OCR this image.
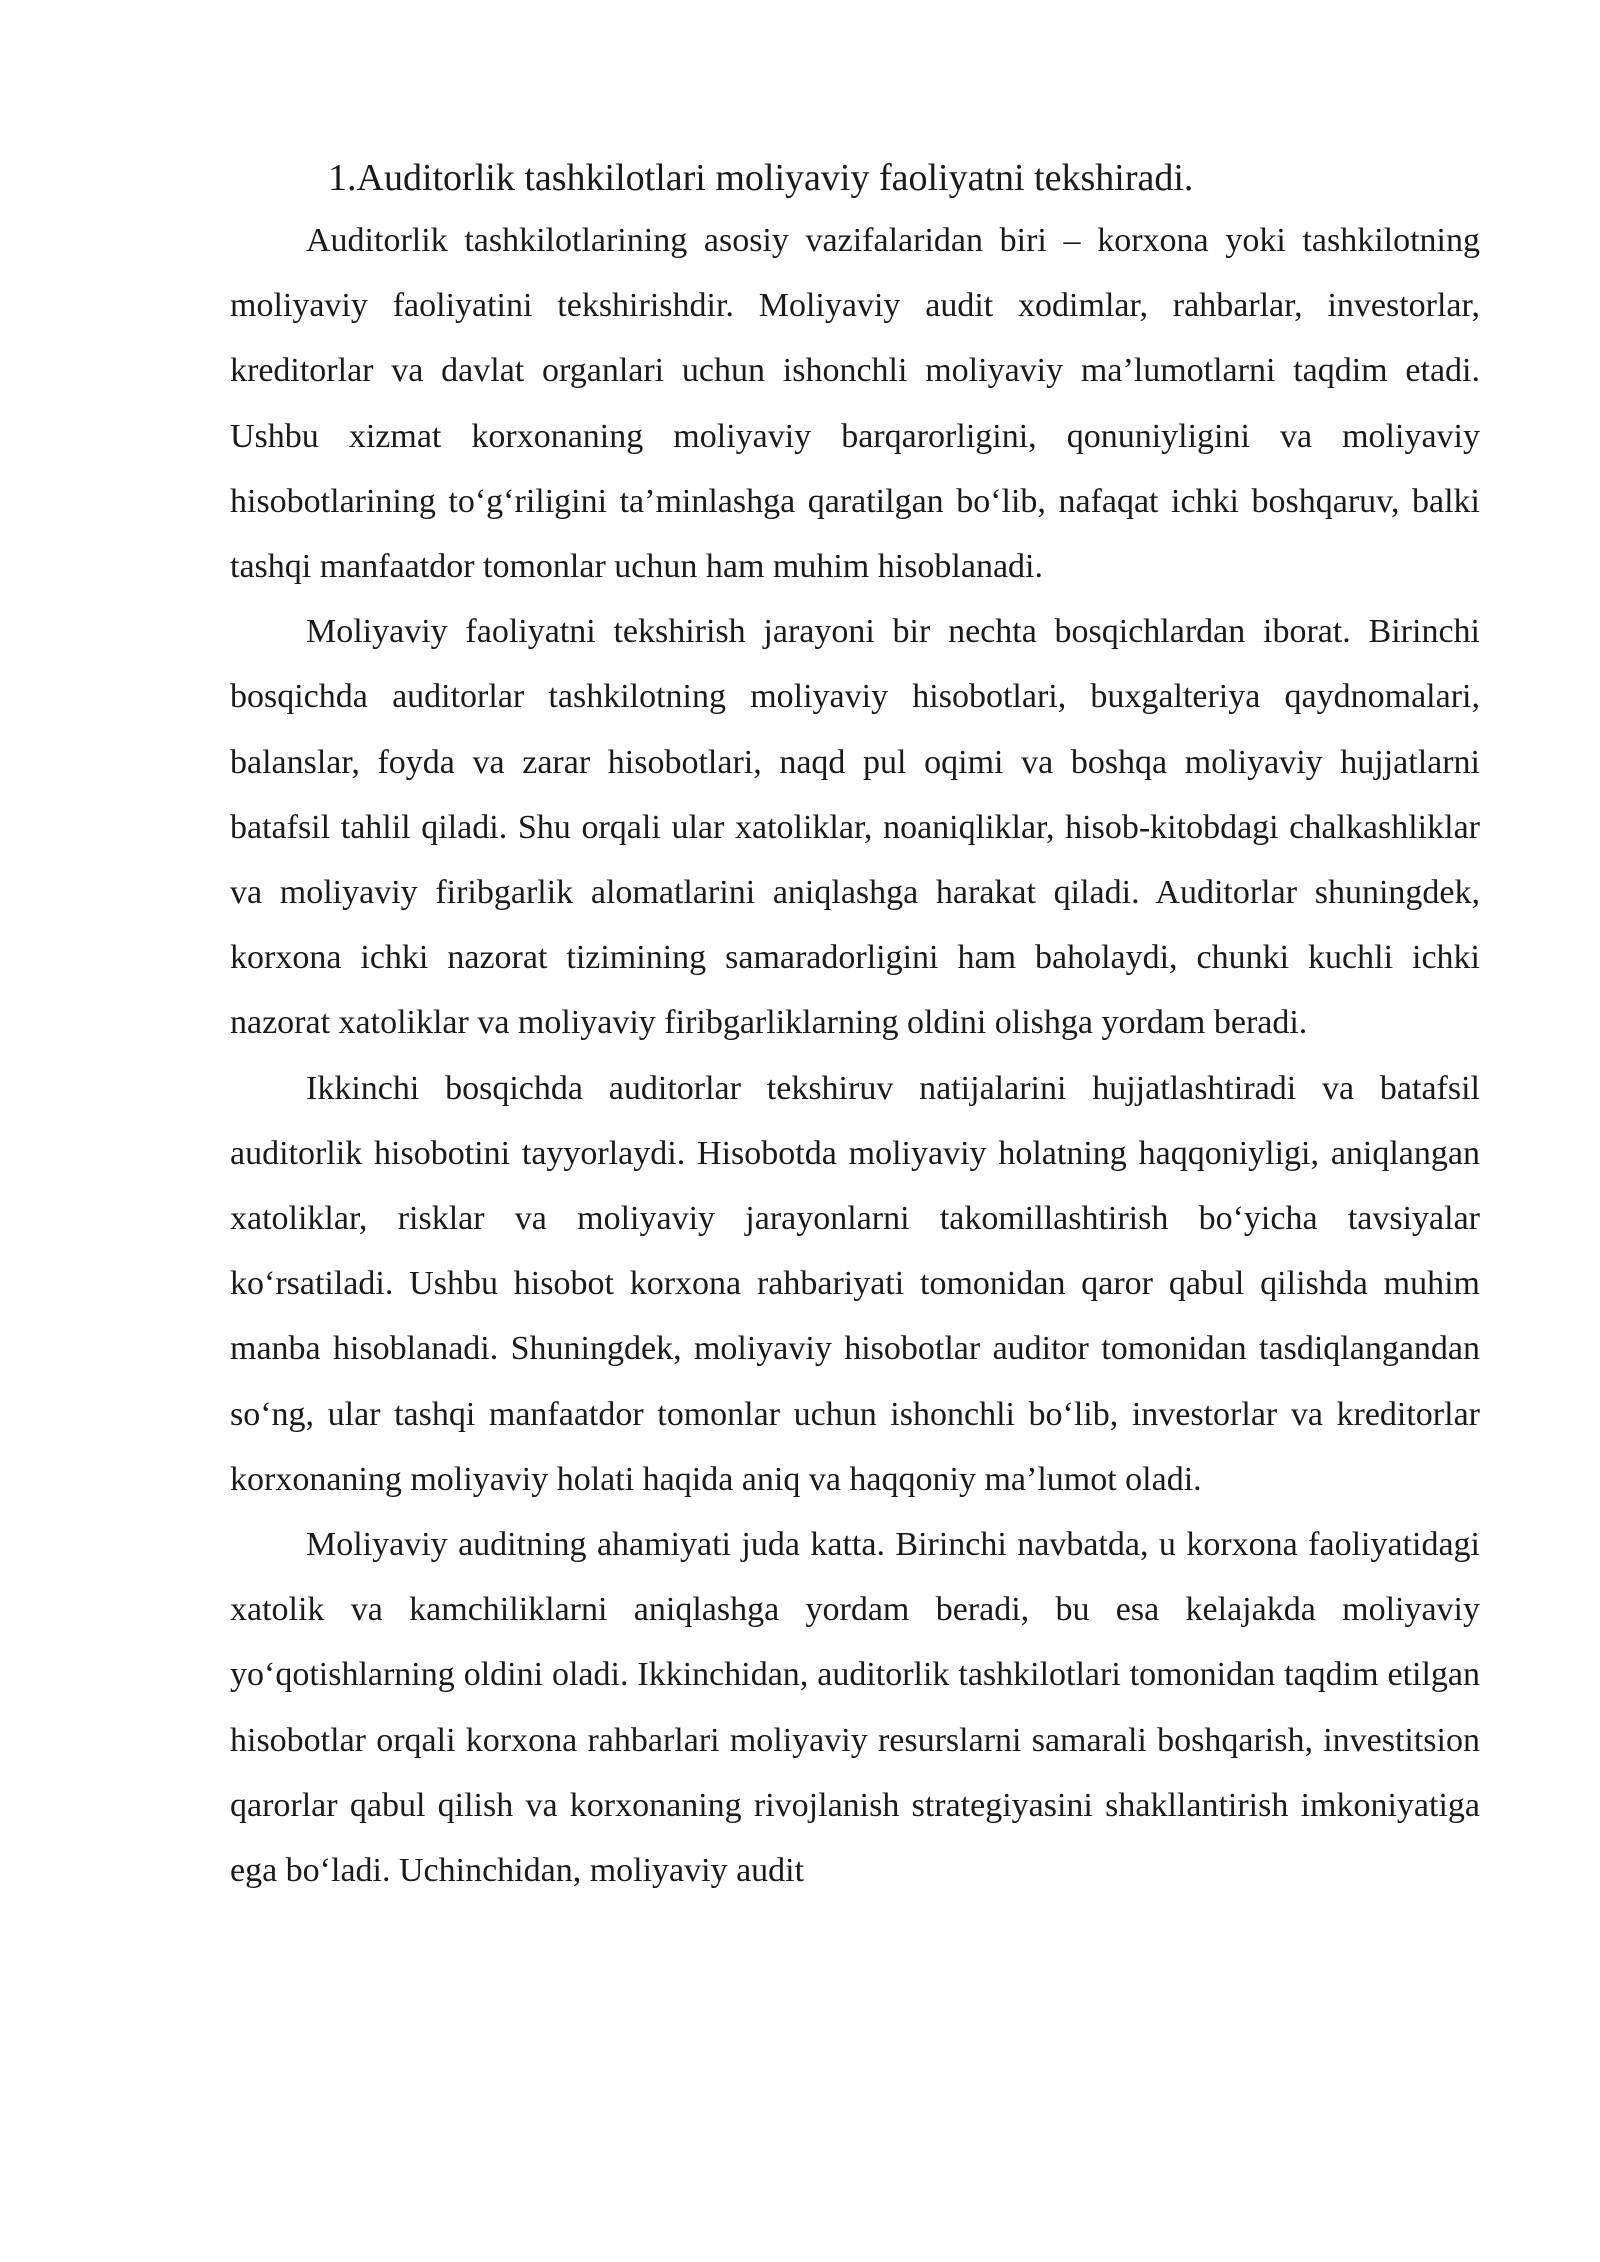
1.Auditorlik tashkilotlari moliyaviy faoliyatni tekshiradi.

Auditorlik tashkilotlarining asosiy vazifalaridan biri – korxona yoki tashkilotning moliyaviy faoliyatini tekshirishdir. Moliyaviy audit xodimlar, rahbarlar, investorlar, kreditorlar va davlat organlari uchun ishonchli moliyaviy ma’lumotlarni taqdim etadi. Ushbu xizmat korxonaning moliyaviy barqarorligini, qonuniyligini va moliyaviy hisobotlarining to‘g‘riligini ta’minlashga qaratilgan bo‘lib, nafaqat ichki boshqaruv, balki tashqi manfaatdor tomonlar uchun ham muhim hisoblanadi.

Moliyaviy faoliyatni tekshirish jarayoni bir nechta bosqichlardan iborat. Birinchi bosqichda auditorlar tashkilotning moliyaviy hisobotlari, buxgalteriya qaydnomalari, balanslar, foyda va zarar hisobotlari, naqd pul oqimi va boshqa moliyaviy hujjatlarni batafsil tahlil qiladi. Shu orqali ular xatoliklar, noaniqliklar, hisob-kitobdagi chalkashliklar va moliyaviy firibgarlik alomatlarini aniqlashga harakat qiladi. Auditorlar shuningdek, korxona ichki nazorat tizimining samaradorligini ham baholaydi, chunki kuchli ichki nazorat xatoliklar va moliyaviy firibgarliklarning oldini olishga yordam beradi.

Ikkinchi bosqichda auditorlar tekshiruv natijalarini hujjatlashtiradi va batafsil auditorlik hisobotini tayyorlaydi. Hisobotda moliyaviy holatning haqqoniyligi, aniqlangan xatoliklar, risklar va moliyaviy jarayonlarni takomillashtirish bo‘yicha tavsiyalar ko‘rsatiladi. Ushbu hisobot korxona rahbariyati tomonidan qaror qabul qilishda muhim manba hisoblanadi. Shuningdek, moliyaviy hisobotlar auditor tomonidan tasdiqlangandan so‘ng, ular tashqi manfaatdor tomonlar uchun ishonchli bo‘lib, investorlar va kreditorlar korxonaning moliyaviy holati haqida aniq va haqqoniy ma’lumot oladi.

Moliyaviy auditning ahamiyati juda katta. Birinchi navbatda, u korxona faoliyatidagi xatolik va kamchiliklarni aniqlashga yordam beradi, bu esa kelajakda moliyaviy yo‘qotishlarning oldini oladi. Ikkinchidan, auditorlik tashkilotlari tomonidan taqdim etilgan hisobotlar orqali korxona rahbarlari moliyaviy resurslarni samarali boshqarish, investitsion qarorlar qabul qilish va korxonaning rivojlanish strategiyasini shakllantirish imkoniyatiga ega bo‘ladi. Uchinchidan, moliyaviy audit
